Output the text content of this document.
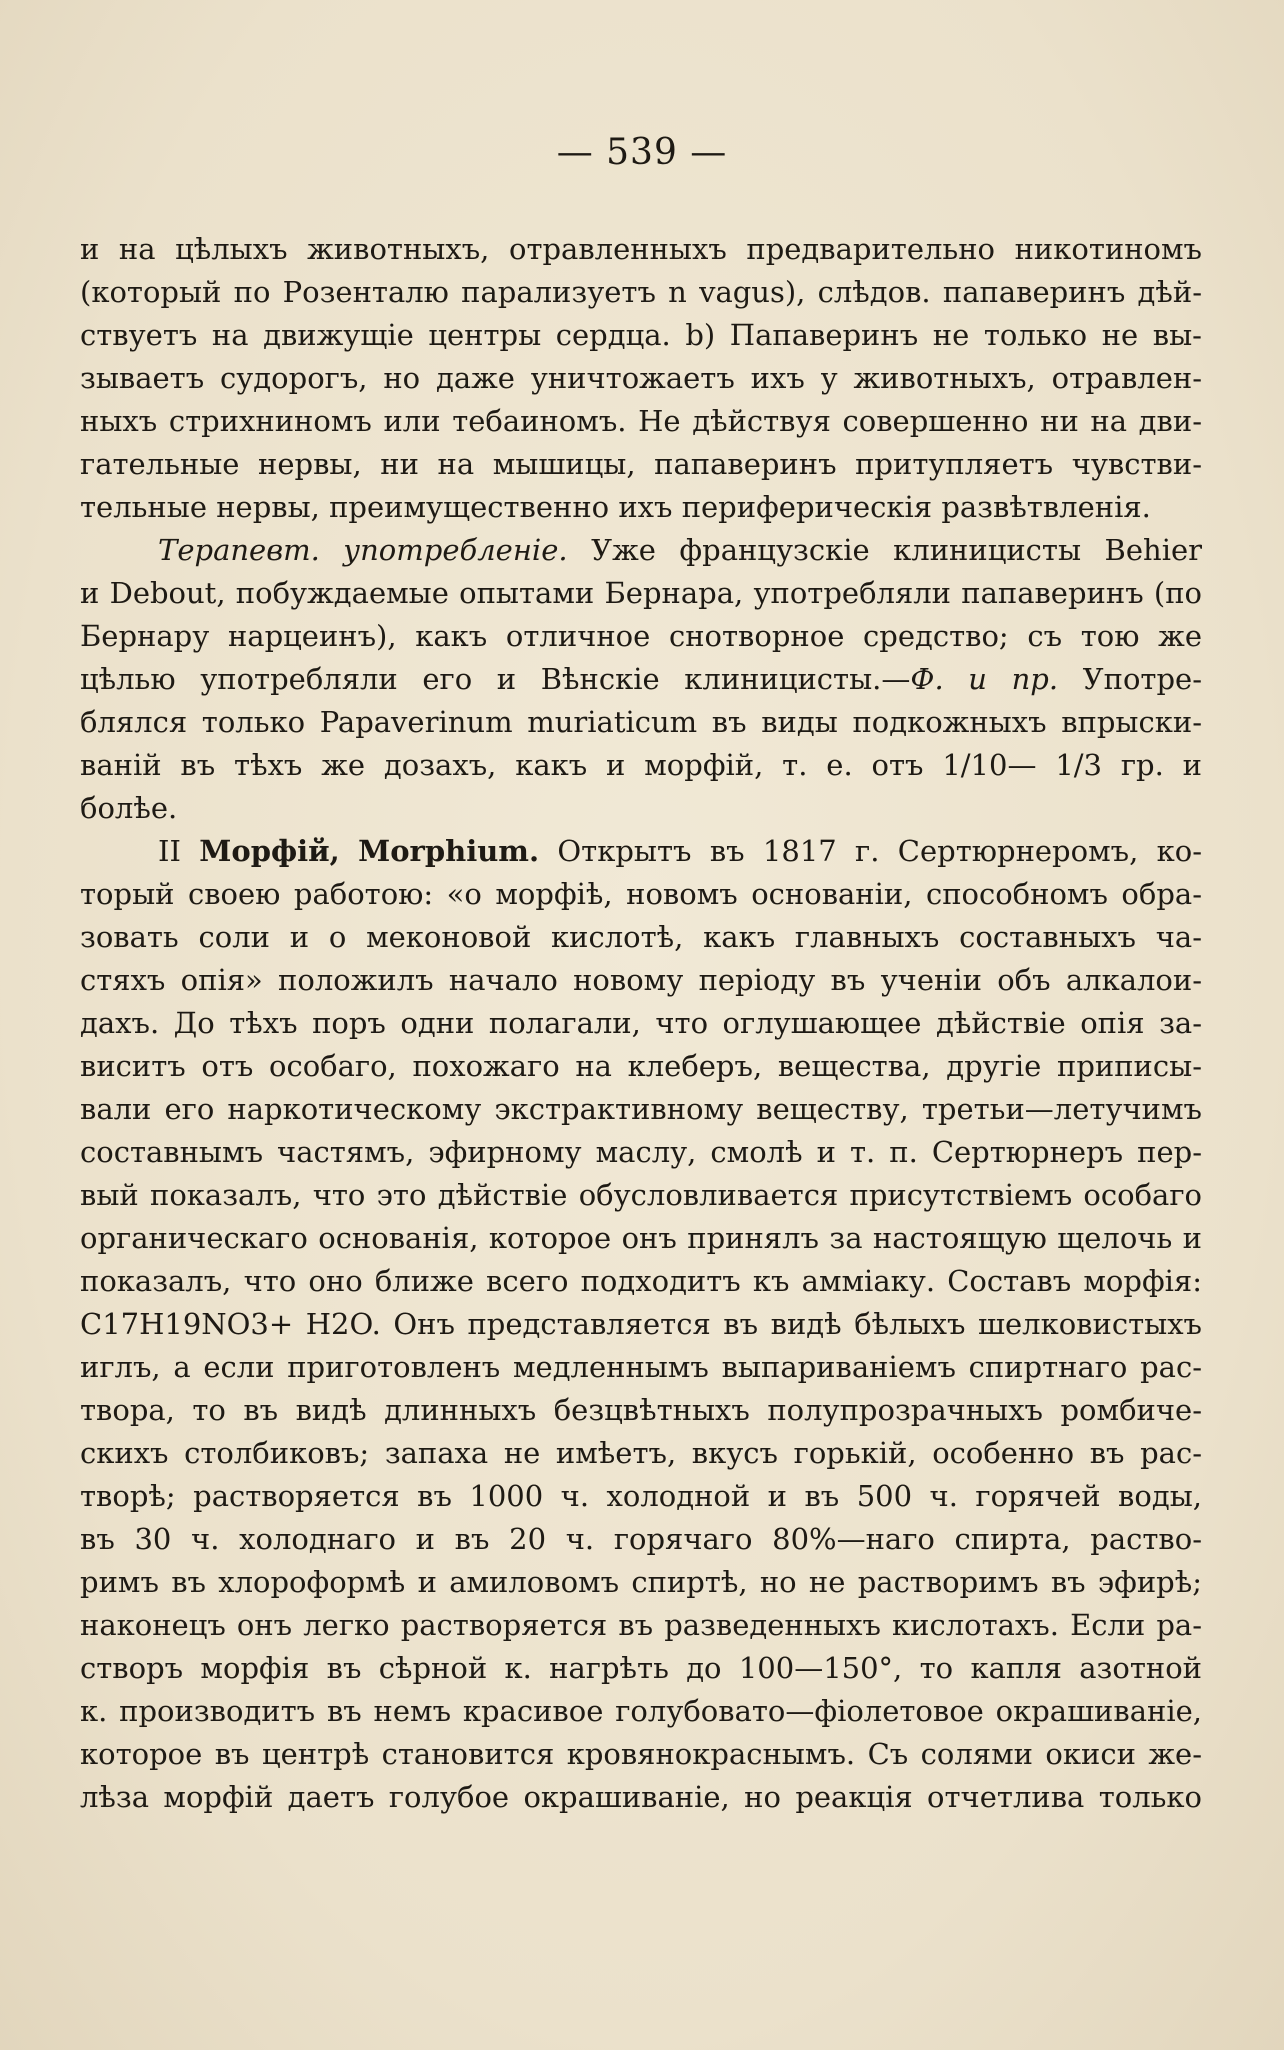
— 539 —
и на цѣлыхъ животныхъ, отравленныхъ предварительно никотиномъ
(который по Розенталю парализуетъ n vagus), слѣдов. папаверинъ дѣй-
ствуетъ на движущіе центры сердца. b) Папаверинъ не только не вы-
зываетъ судорогъ, но даже уничтожаетъ ихъ у животныхъ, отравлен-
ныхъ стрихниномъ или тебаиномъ. Не дѣйствуя совершенно ни на дви-
гательные нервы, ни на мышицы, папаверинъ притупляетъ чувстви-
тельные нервы, преимущественно ихъ периферическія развѣтвленія.
Терапевт. употребленіе. Уже французскіе клиницисты Behier
и Debout, побуждаемые опытами Бернара, употребляли папаверинъ (по
Бернару нарцеинъ), какъ отличное снотворное средство; съ тою же
цѣлью употребляли его и Вѣнскіе клиницисты.—Ф. и пр. Употре-
блялся только Papaverinum muriaticum въ виды подкожныхъ впрыски-
ваній въ тѣхъ же дозахъ, какъ и морфій, т. е. отъ 1/10— 1/3 гр. и
болѣе.
II Морфій, Morphium. Открытъ въ 1817 г. Сертюрнеромъ, ко-
торый своею работою: «о морфіѣ, новомъ основаніи, способномъ обра-
зовать соли и о меконовой кислотѣ, какъ главныхъ составныхъ ча-
стяхъ опія» положилъ начало новому періоду въ ученіи объ алкалои-
дахъ. До тѣхъ поръ одни полагали, что оглушающее дѣйствіе опія за-
виситъ отъ особаго, похожаго на клеберъ, вещества, другіе приписы-
вали его наркотическому экстрактивному веществу, третьи—летучимъ
составнымъ частямъ, эфирному маслу, смолѣ и т. п. Сертюрнеръ пер-
вый показалъ, что это дѣйствіе обусловливается присутствіемъ особаго
органическаго основанія, которое онъ принялъ за настоящую щелочь и
показалъ, что оно ближе всего подходитъ къ амміаку. Составъ морфія:
C17H19NO3+ H2O. Онъ представляется въ видѣ бѣлыхъ шелковистыхъ
иглъ, а если приготовленъ медленнымъ выпариваніемъ спиртнаго рас-
твора, то въ видѣ длинныхъ безцвѣтныхъ полупрозрачныхъ ромбиче-
скихъ столбиковъ; запаха не имѣетъ, вкусъ горькій, особенно въ рас-
творѣ; растворяется въ 1000 ч. холодной и въ 500 ч. горячей воды,
въ 30 ч. холоднаго и въ 20 ч. горячаго 80%—наго спирта, раство-
римъ въ хлороформѣ и амиловомъ спиртѣ, но не растворимъ въ эфирѣ;
наконецъ онъ легко растворяется въ разведенныхъ кислотахъ. Если ра-
створъ морфія въ сѣрной к. нагрѣть до 100—150°, то капля азотной
к. производитъ въ немъ красивое голубовато—фіолетовое окрашиваніе,
которое въ центрѣ становится кровянокраснымъ. Съ солями окиси же-
лѣза морфій даетъ голубое окрашиваніе, но реакція отчетлива только
